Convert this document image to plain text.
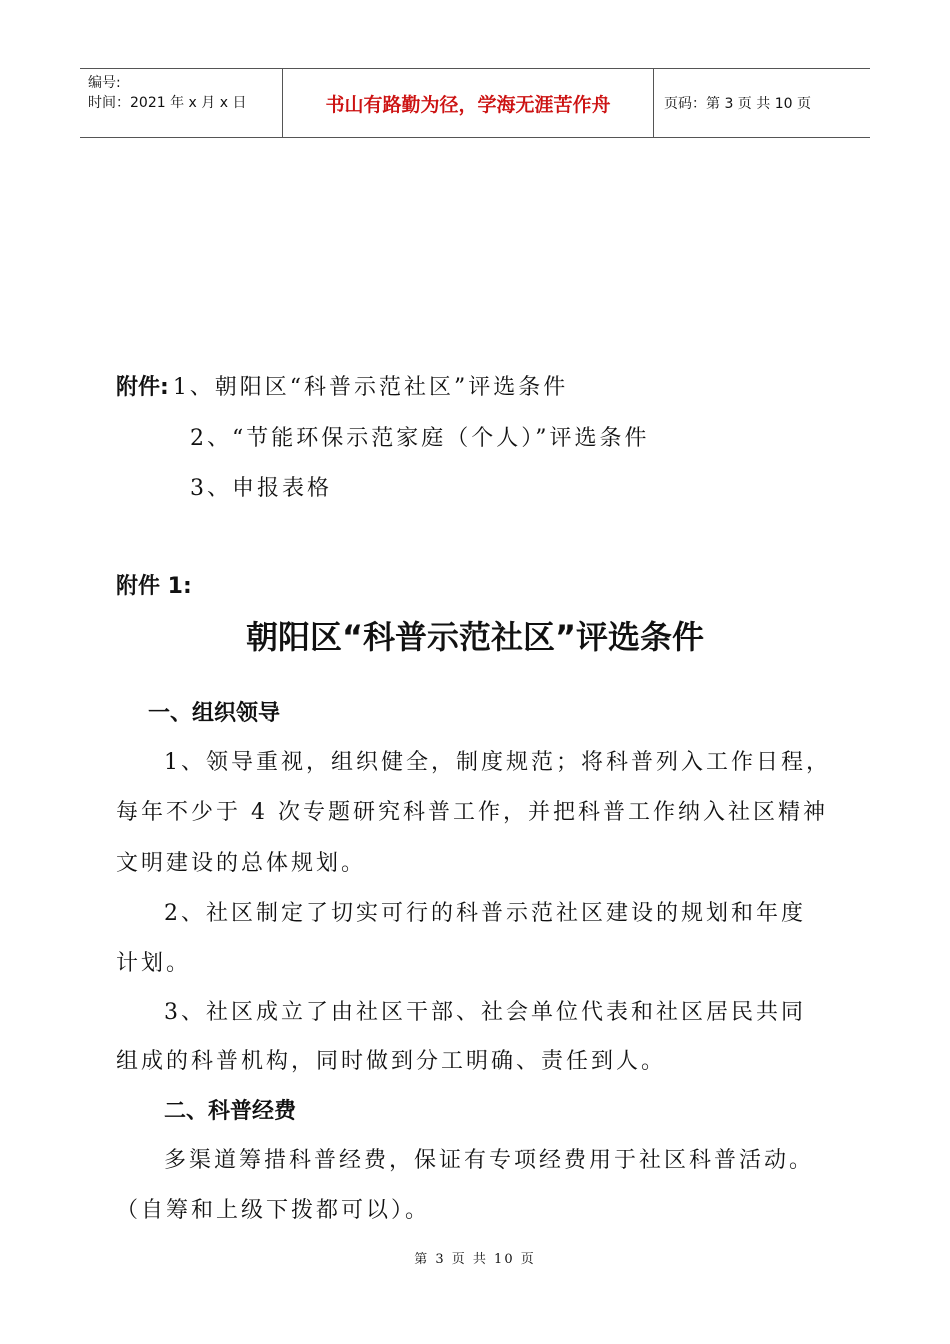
编号:
时间：2021 年 x 月 x 日	书山有路勤为径，学海无涯苦作舟	页码：第 3 页 共 10 页
附件: 1、朝阳区“科普示范社区”评选条件
2、“节能环保示范家庭（个人）”评选条件
3、申报表格
附件 1:
朝阳区“科普示范社区”评选条件
一、组织领导
1、领导重视，组织健全，制度规范；将科普列入工作日程，
每年不少于 4 次专题研究科普工作，并把科普工作纳入社区精神
文明建设的总体规划。
2、社区制定了切实可行的科普示范社区建设的规划和年度
计划。
3、社区成立了由社区干部、社会单位代表和社区居民共同
组成的科普机构，同时做到分工明确、责任到人。
二、科普经费
多渠道筹措科普经费，保证有专项经费用于社区科普活动。
（自筹和上级下拨都可以）。
第 3 页 共 10 页
